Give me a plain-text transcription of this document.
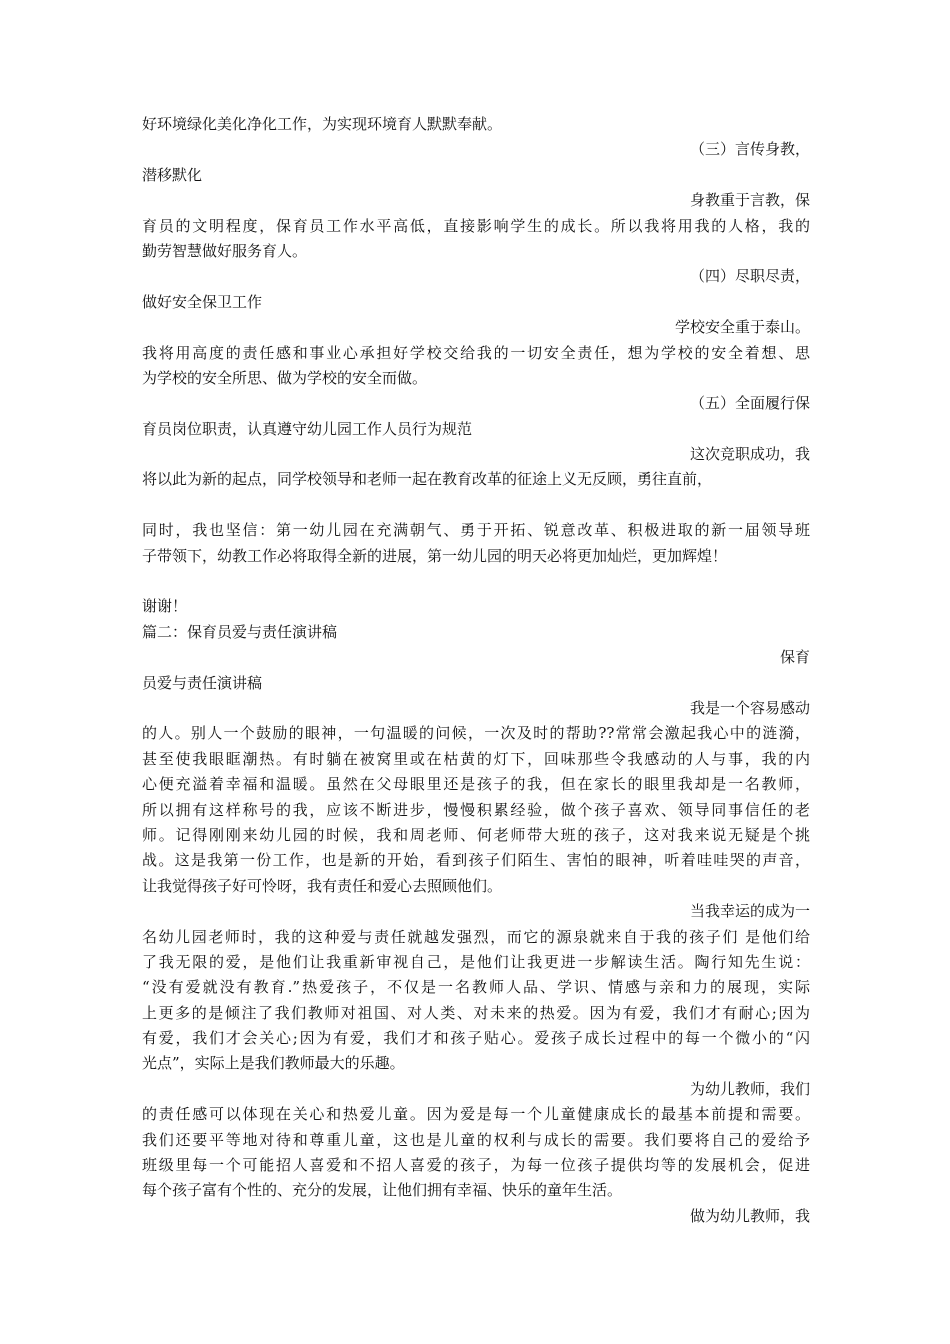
好环境绿化美化净化工作，为实现环境育人默默奉献。
（三）言传身教，
潜移默化
身教重于言教，保
育员的文明程度，保育员工作水平高低，直接影响学生的成长。所以我将用我的人格，我的
勤劳智慧做好服务育人。
（四）尽职尽责，
做好安全保卫工作
学校安全重于泰山。
我将用高度的责任感和事业心承担好学校交给我的一切安全责任，想为学校的安全着想、思
为学校的安全所思、做为学校的安全而做。
（五）全面履行保
育员岗位职责，认真遵守幼儿园工作人员行为规范
这次竞职成功，我
将以此为新的起点，同学校领导和老师一起在教育改革的征途上义无反顾，勇往直前，
同时，我也坚信：第一幼儿园在充满朝气、勇于开拓、锐意改革、积极进取的新一届领导班
子带领下，幼教工作必将取得全新的进展，第一幼儿园的明天必将更加灿烂，更加辉煌！
谢谢！
篇二：保育员爱与责任演讲稿
保育
员爱与责任演讲稿
我是一个容易感动
的人。别人一个鼓励的眼神，一句温暖的问候，一次及时的帮助??常常会激起我心中的涟漪，
甚至使我眼眶潮热。有时躺在被窝里或在枯黄的灯下，回味那些令我感动的人与事，我的内
心便充溢着幸福和温暖。虽然在父母眼里还是孩子的我，但在家长的眼里我却是一名教师，
所以拥有这样称号的我，应该不断进步，慢慢积累经验，做个孩子喜欢、领导同事信任的老
师。记得刚刚来幼儿园的时候，我和周老师、何老师带大班的孩子，这对我来说无疑是个挑
战。这是我第一份工作，也是新的开始，看到孩子们陌生、害怕的眼神，听着哇哇哭的声音，
让我觉得孩子好可怜呀，我有责任和爱心去照顾他们。
当我幸运的成为一
名幼儿园老师时，我的这种爱与责任就越发强烈，而它的源泉就来自于我的孩子们 是他们给
了我无限的爱，是他们让我重新审视自己，是他们让我更进一步解读生活。陶行知先生说：
“没有爱就没有教育.”热爱孩子，不仅是一名教师人品、学识、情感与亲和力的展现，实际
上更多的是倾注了我们教师对祖国、对人类、对未来的热爱。因为有爱，我们才有耐心;因为
有爱，我们才会关心;因为有爱，我们才和孩子贴心。爱孩子成长过程中的每一个微小的“闪
光点”，实际上是我们教师最大的乐趣。
为幼儿教师，我们
的责任感可以体现在关心和热爱儿童。因为爱是每一个儿童健康成长的最基本前提和需要。
我们还要平等地对待和尊重儿童，这也是儿童的权利与成长的需要。我们要将自己的爱给予
班级里每一个可能招人喜爱和不招人喜爱的孩子，为每一位孩子提供均等的发展机会，促进
每个孩子富有个性的、充分的发展，让他们拥有幸福、快乐的童年生活。
做为幼儿教师，我
